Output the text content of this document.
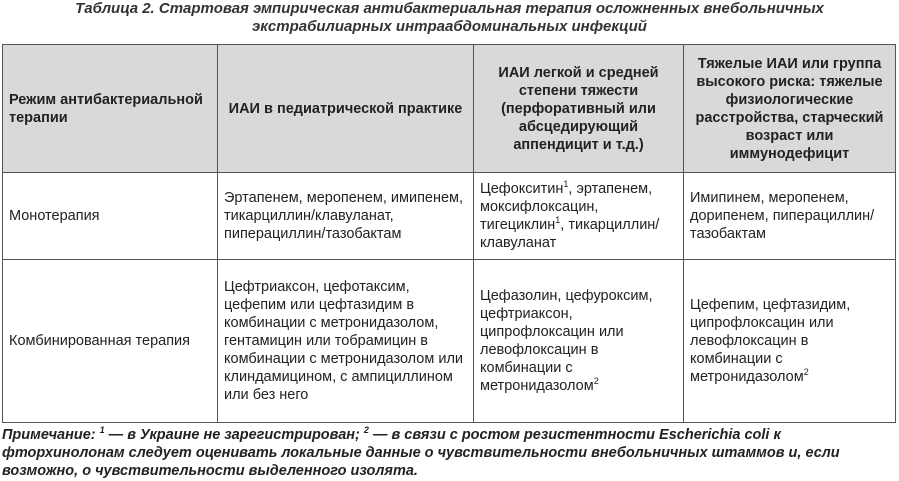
Таблица 2. Стартовая эмпирическая антибактериальная терапия осложненных внебольничных
экстрабилиарных интраабдоминальных инфекций
Режим антибактериальной терапии	ИАИ в педиатрической практике	ИАИ легкой и средней степени тяжести (перфоративный или абсцедирующий аппендицит и т.д.)	Тяжелые ИАИ или группа высокого риска: тяжелые физиологические расстройства, старческий возраст или иммунодефицит
Монотерапия	Эртапенем, меропенем, имипенем, тикарциллин/клавуланат, пиперациллин/тазобактам	Цефокситин$^1$, эртапенем, моксифлоксацин, тигециклин$^1$, тикарциллин/клавуланат	Имипинем, меропенем, дорипенем, пиперациллин/тазобактам
Комбинированная терапия	Цефтриаксон, цефотаксим, цефепим или цефтазидим в комбинации с метронидазолом, гентамицин или тобрамицин в комбинации с метронидазолом или клиндамицином, с ампициллином или без него	Цефазолин, цефуроксим, цефтриаксон, ципрофлоксацин или левофлоксацин в комбинации с метронидазолом$^2$	Цефепим, цефтазидим, ципрофлоксацин или левофлоксацин в комбинации с метронидазолом$^2$
Примечание: $^1$ — в Украине не зарегистрирован; $^2$ — в связи с ростом резистентности Escherichia coli к фторхинолонам следует оценивать локальные данные о чувствительности внебольничных штаммов и, если возможно, о чувствительности выделенного изолята.
